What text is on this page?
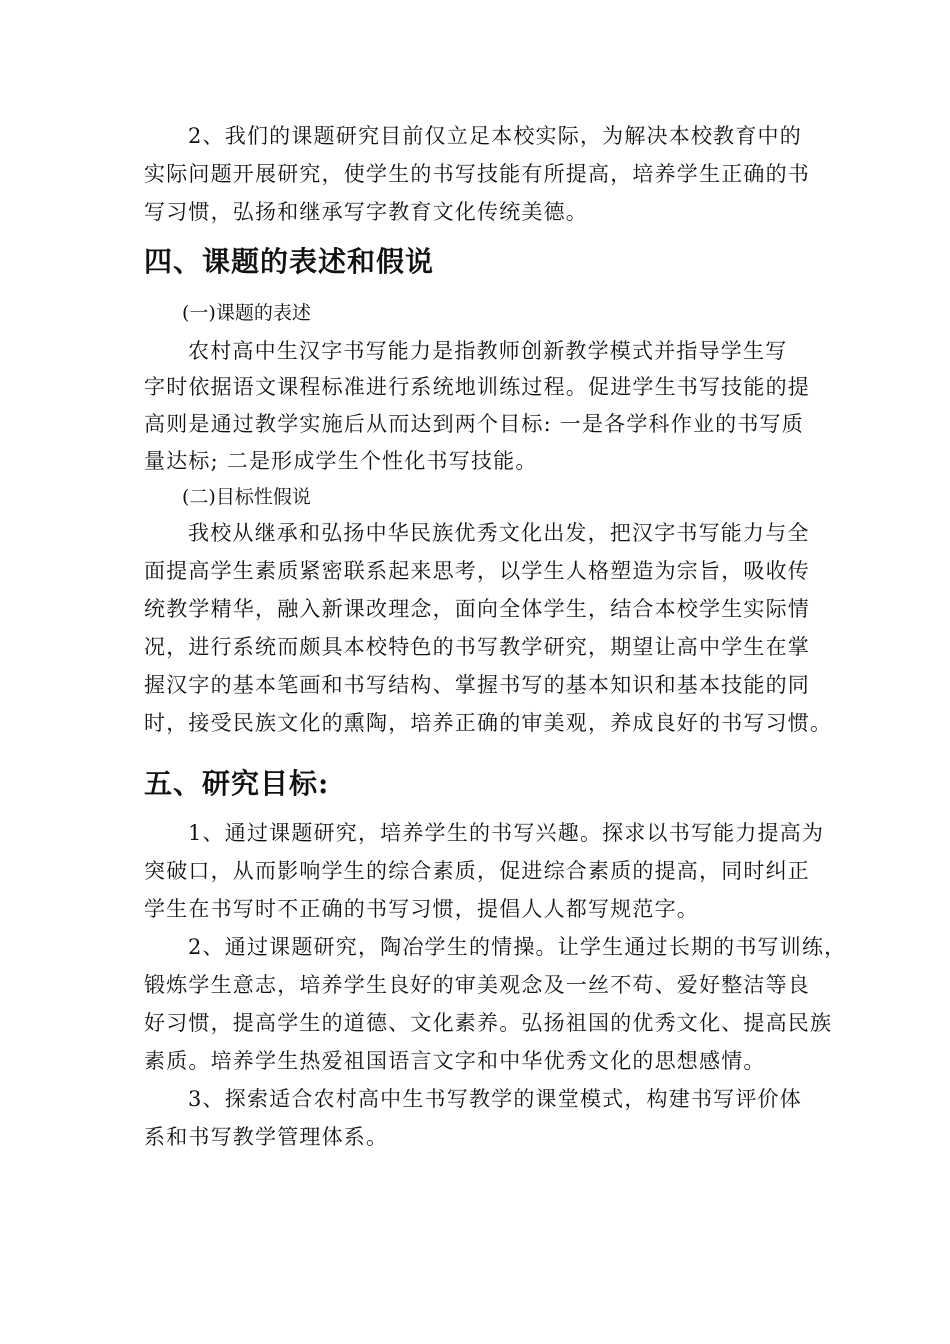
2、我们的课题研究目前仅立足本校实际，为解决本校教育中的
实际问题开展研究，使学生的书写技能有所提高，培养学生正确的书
写习惯，弘扬和继承写字教育文化传统美德。
四、课题的表述和假说
(一)课题的表述
农村高中生汉字书写能力是指教师创新教学模式并指导学生写
字时依据语文课程标准进行系统地训练过程。促进学生书写技能的提
高则是通过教学实施后从而达到两个目标: 一是各学科作业的书写质
量达标; 二是形成学生个性化书写技能。
(二)目标性假说
我校从继承和弘扬中华民族优秀文化出发，把汉字书写能力与全
面提高学生素质紧密联系起来思考，以学生人格塑造为宗旨，吸收传
统教学精华，融入新课改理念，面向全体学生，结合本校学生实际情
况，进行系统而颇具本校特色的书写教学研究，期望让高中学生在掌
握汉字的基本笔画和书写结构、掌握书写的基本知识和基本技能的同
时，接受民族文化的熏陶，培养正确的审美观，养成良好的书写习惯。
五、研究目标:
1、通过课题研究，培养学生的书写兴趣。探求以书写能力提高为
突破口，从而影响学生的综合素质，促进综合素质的提高，同时纠正
学生在书写时不正确的书写习惯，提倡人人都写规范字。
2、通过课题研究，陶冶学生的情操。让学生通过长期的书写训练，
锻炼学生意志，培养学生良好的审美观念及一丝不苟、爱好整洁等良
好习惯，提高学生的道德、文化素养。弘扬祖国的优秀文化、提高民族
素质。培养学生热爱祖国语言文字和中华优秀文化的思想感情。
3、探索适合农村高中生书写教学的课堂模式，构建书写评价体
系和书写教学管理体系。
